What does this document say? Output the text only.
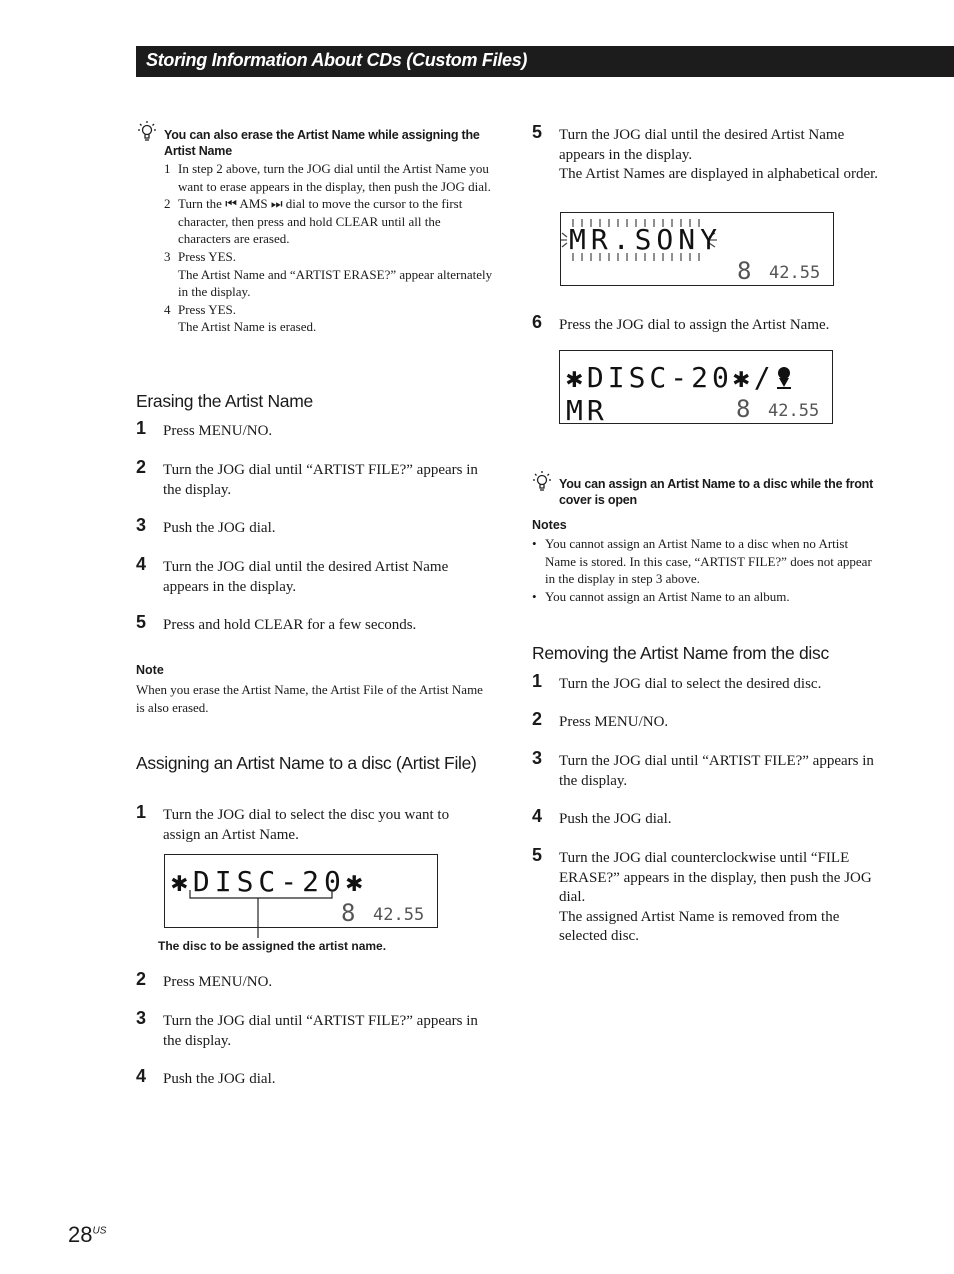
Storing Information About CDs (Custom Files)
You can also erase the Artist Name while assigning the Artist Name
1 In step 2 above, turn the JOG dial until the Artist Name you want to erase appears in the display, then push the JOG dial.
2 Turn the ⏮ AMS ⏭ dial to move the cursor to the first character, then press and hold CLEAR until all the characters are erased.
3 Press YES.
The Artist Name and “ARTIST ERASE?” appear alternately in the display.
4 Press YES.
The Artist Name is erased.
Erasing the Artist Name
1 Press MENU/NO.
2 Turn the JOG dial until “ARTIST FILE?” appears in the display.
3 Push the JOG dial.
4 Turn the JOG dial until the desired Artist Name appears in the display.
5 Press and hold CLEAR for a few seconds.
Note
When you erase the Artist Name, the Artist File of the Artist Name is also erased.
Assigning an Artist Name to a disc (Artist File)
1 Turn the JOG dial to select the disc you want to assign an Artist Name.
✱DISC-20✱
8 42.55
The disc to be assigned the artist name.
2 Press MENU/NO.
3 Turn the JOG dial until “ARTIST FILE?” appears in the display.
4 Push the JOG dial.
5 Turn the JOG dial until the desired Artist Name appears in the display.
The Artist Names are displayed in alphabetical order.
MR.SONY
8 42.55
6 Press the JOG dial to assign the Artist Name.
✱DISC-20✱/MR	8 42.55
You can assign an Artist Name to a disc while the front cover is open
Notes
• You cannot assign an Artist Name to a disc when no Artist Name is stored. In this case, “ARTIST FILE?” does not appear in the display in step 3 above.
• You cannot assign an Artist Name to an album.
Removing the Artist Name from the disc
1 Turn the JOG dial to select the desired disc.
2 Press MENU/NO.
3 Turn the JOG dial until “ARTIST FILE?” appears in the display.
4 Push the JOG dial.
5 Turn the JOG dial counterclockwise until “FILE ERASE?” appears in the display, then push the JOG dial.
The assigned Artist Name is removed from the selected disc.
$28^{US}$
